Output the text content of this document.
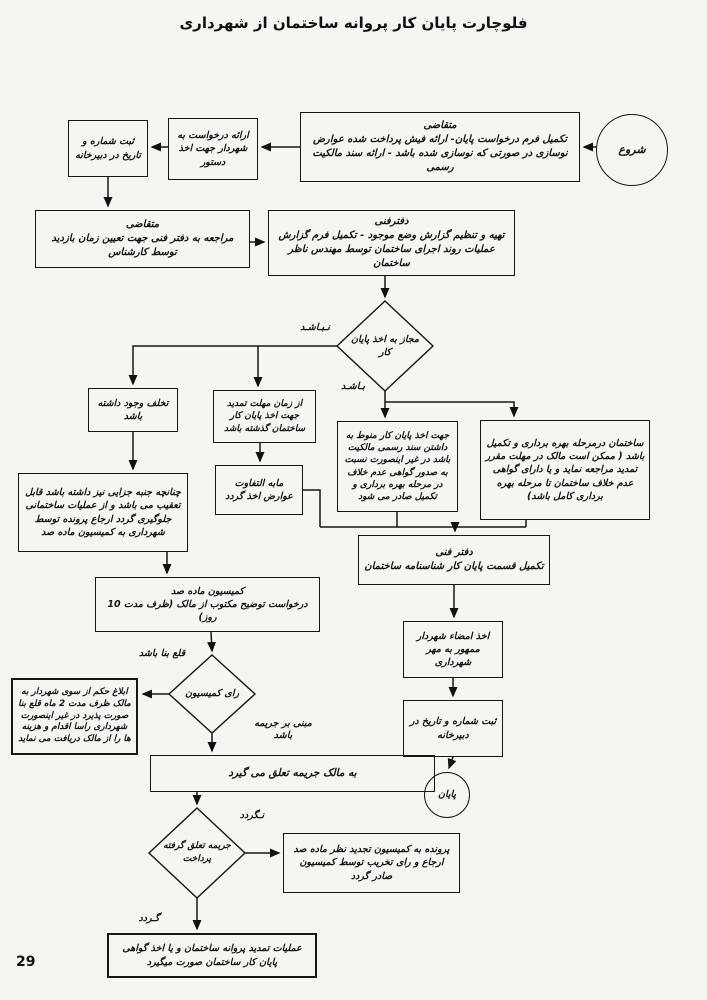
فلوچارت پایان کار پروانه ساختمان از شهرداری
شروع
متقاضی
تکمیل فرم درخواست پایان- ارائه فیش پرداخت شده عوارض نوسازی در صورتی که نوسازی شده باشد - ارائه سند مالکیت رسمی
ارائه درخواست به شهردار جهت اخذ دستور
ثبت شماره و تاریخ در دبیرخانه
متقاضی
مراجعه به دفتر فنی جهت تعیین زمان بازدید توسط کارشناس
دفترفنی
تهیه و تنظیم گزارش وضع موجود - تکمیل فرم گزارش عملیات روند اجرای ساختمان توسط مهندس ناظر ساختمان
مجاز به اخذ پایان کار
نـبـاشـد
بـاشـد
تخلف وجود داشته باشد
از زمان مهلت تمدید جهت اخذ پایان کار ساختمان گذشته باشد
مابه التفاوت عوارض اخذ گردد
چنانچه جنبه جزایی نیز داشته باشد قابل تعقیب می باشد و از عملیات ساختمانی جلوگیری گردد ارجاع پرونده توسط شهرداری به کمیسیون ماده صد
کمیسیون ماده صد
درخواست توضیح مکتوب از مالک (ظرف مدت 10 روز)
جهت اخذ پایان کار منوط به داشتن سند رسمی مالکیت باشد در غیر اینصورت نسبت به صدور گواهی عدم خلاف در مرحله بهره برداری و تکمیل صادر می شود
ساختمان درمرحله بهره برداری و تکمیل باشد ( ممکن است مالک در مهلت مقرر تمدید مراجعه نماید و یا دارای گواهی عدم خلاف ساختمان تا مرحله بهره برداری کامل باشد)
دفتر فنی
تکمیل قسمت پایان کار شناسنامه ساختمان
اخذ امضاء شهردار ممهور به مهر شهرداری
ثبت شماره و تاریخ در دبیرخانه
پایان
رای کمیسیون
قلع بنا باشد
مبنی بر جریمه باشد
ابلاغ حکم از سوی شهردار به مالک ظرف مدت 2 ماه قلع بنا صورت پذیرد در غیر اینصورت شهرداری راسا اقدام و هزینه ها را از مالک دریافت می نماید
به مالک جریمه تعلق می گیرد
جریمه تعلق گرفته پرداخت
نـگردد
گـردد
پرونده به کمیسیون تجدید نظر ماده صد ارجاع و رای تخریب توسط کمیسیون صادر گردد
عملیات تمدید پروانه ساختمان و یا اخذ گواهی پایان کار ساختمان صورت میگیرد
29
